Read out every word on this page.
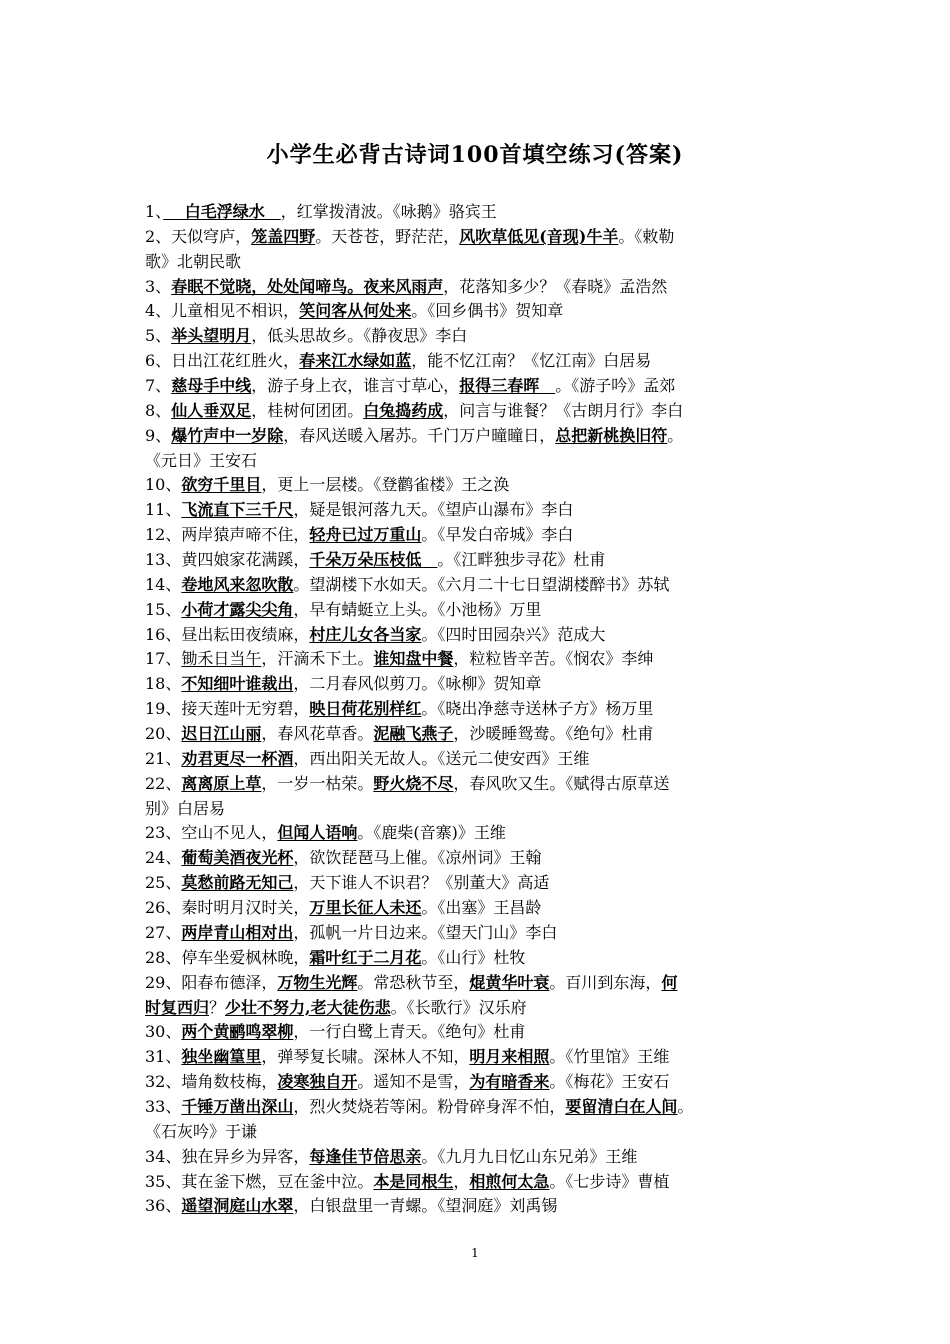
小学生必背古诗词100首填空练习(答案)
1、　 白毛浮绿水　，红掌拨清波。《咏鹅》骆宾王
2、天似穹庐，笼盖四野。天苍苍，野茫茫，风吹草低见(音现)牛羊。《敕勒
歌》北朝民歌
3、春眠不觉晓，处处闻啼鸟。夜来风雨声，花落知多少？《春晓》孟浩然
4、儿童相见不相识，笑问客从何处来。《回乡偶书》贺知章
5、举头望明月，低头思故乡。《静夜思》李白
6、日出江花红胜火，春来江水绿如蓝，能不忆江南？《忆江南》白居易
7、慈母手中线，游子身上衣，谁言寸草心，报得三春晖　。《游子吟》孟郊
8、仙人垂双足，桂树何团团。白兔捣药成，问言与谁餐？《古朗月行》李白
9、爆竹声中一岁除，春风送暖入屠苏。千门万户曈曈日，总把新桃换旧符。
《元日》王安石
10、欲穷千里目，更上一层楼。《登鹳雀楼》王之涣
11、飞流直下三千尺，疑是银河落九天。《望庐山瀑布》李白
12、两岸猿声啼不住，轻舟已过万重山。《早发白帝城》李白
13、黄四娘家花满蹊，千朵万朵压枝低　。《江畔独步寻花》杜甫
14、卷地风来忽吹散。望湖楼下水如天。《六月二十七日望湖楼醉书》苏轼
15、小荷才露尖尖角，早有蜻蜓立上头。《小池杨》万里
16、昼出耘田夜绩麻，村庄儿女各当家。《四时田园杂兴》范成大
17、锄禾日当午，汗滴禾下土。谁知盘中餐，粒粒皆辛苦。《悯农》李绅
18、不知细叶谁裁出，二月春风似剪刀。《咏柳》贺知章
19、接天莲叶无穷碧，映日荷花别样红。《晓出净慈寺送林子方》杨万里
20、迟日江山丽，春风花草香。泥融飞燕子，沙暖睡鸳鸯。《绝句》杜甫
21、劝君更尽一杯酒，西出阳关无故人。《送元二使安西》王维
22、离离原上草，一岁一枯荣。野火烧不尽，春风吹又生。《赋得古原草送
别》白居易
23、空山不见人，但闻人语响。《鹿柴(音寨)》王维
24、葡萄美酒夜光杯，欲饮琵琶马上催。《凉州词》王翰
25、莫愁前路无知己，天下谁人不识君？《别董大》高适
26、秦时明月汉时关，万里长征人未还。《出塞》王昌龄
27、两岸青山相对出，孤帆一片日边来。《望天门山》李白
28、停车坐爱枫林晚，霜叶红于二月花。《山行》杜牧
29、阳春布德泽，万物生光辉。常恐秋节至，焜黄华叶衰。百川到东海，何
时复西归？少壮不努力,老大徒伤悲。《长歌行》汉乐府
30、两个黄鹂鸣翠柳，一行白鹭上青天。《绝句》杜甫
31、独坐幽篁里，弹琴复长啸。深林人不知，明月来相照。《竹里馆》王维
32、墙角数枝梅，凌寒独自开。遥知不是雪，为有暗香来。《梅花》王安石
33、千锤万凿出深山，烈火焚烧若等闲。粉骨碎身浑不怕，要留清白在人间。
《石灰吟》于谦
34、独在异乡为异客，每逢佳节倍思亲。《九月九日忆山东兄弟》王维
35、萁在釜下燃，豆在釜中泣。本是同根生，相煎何太急。《七步诗》曹植
36、遥望洞庭山水翠，白银盘里一青螺。《望洞庭》刘禹锡
1
